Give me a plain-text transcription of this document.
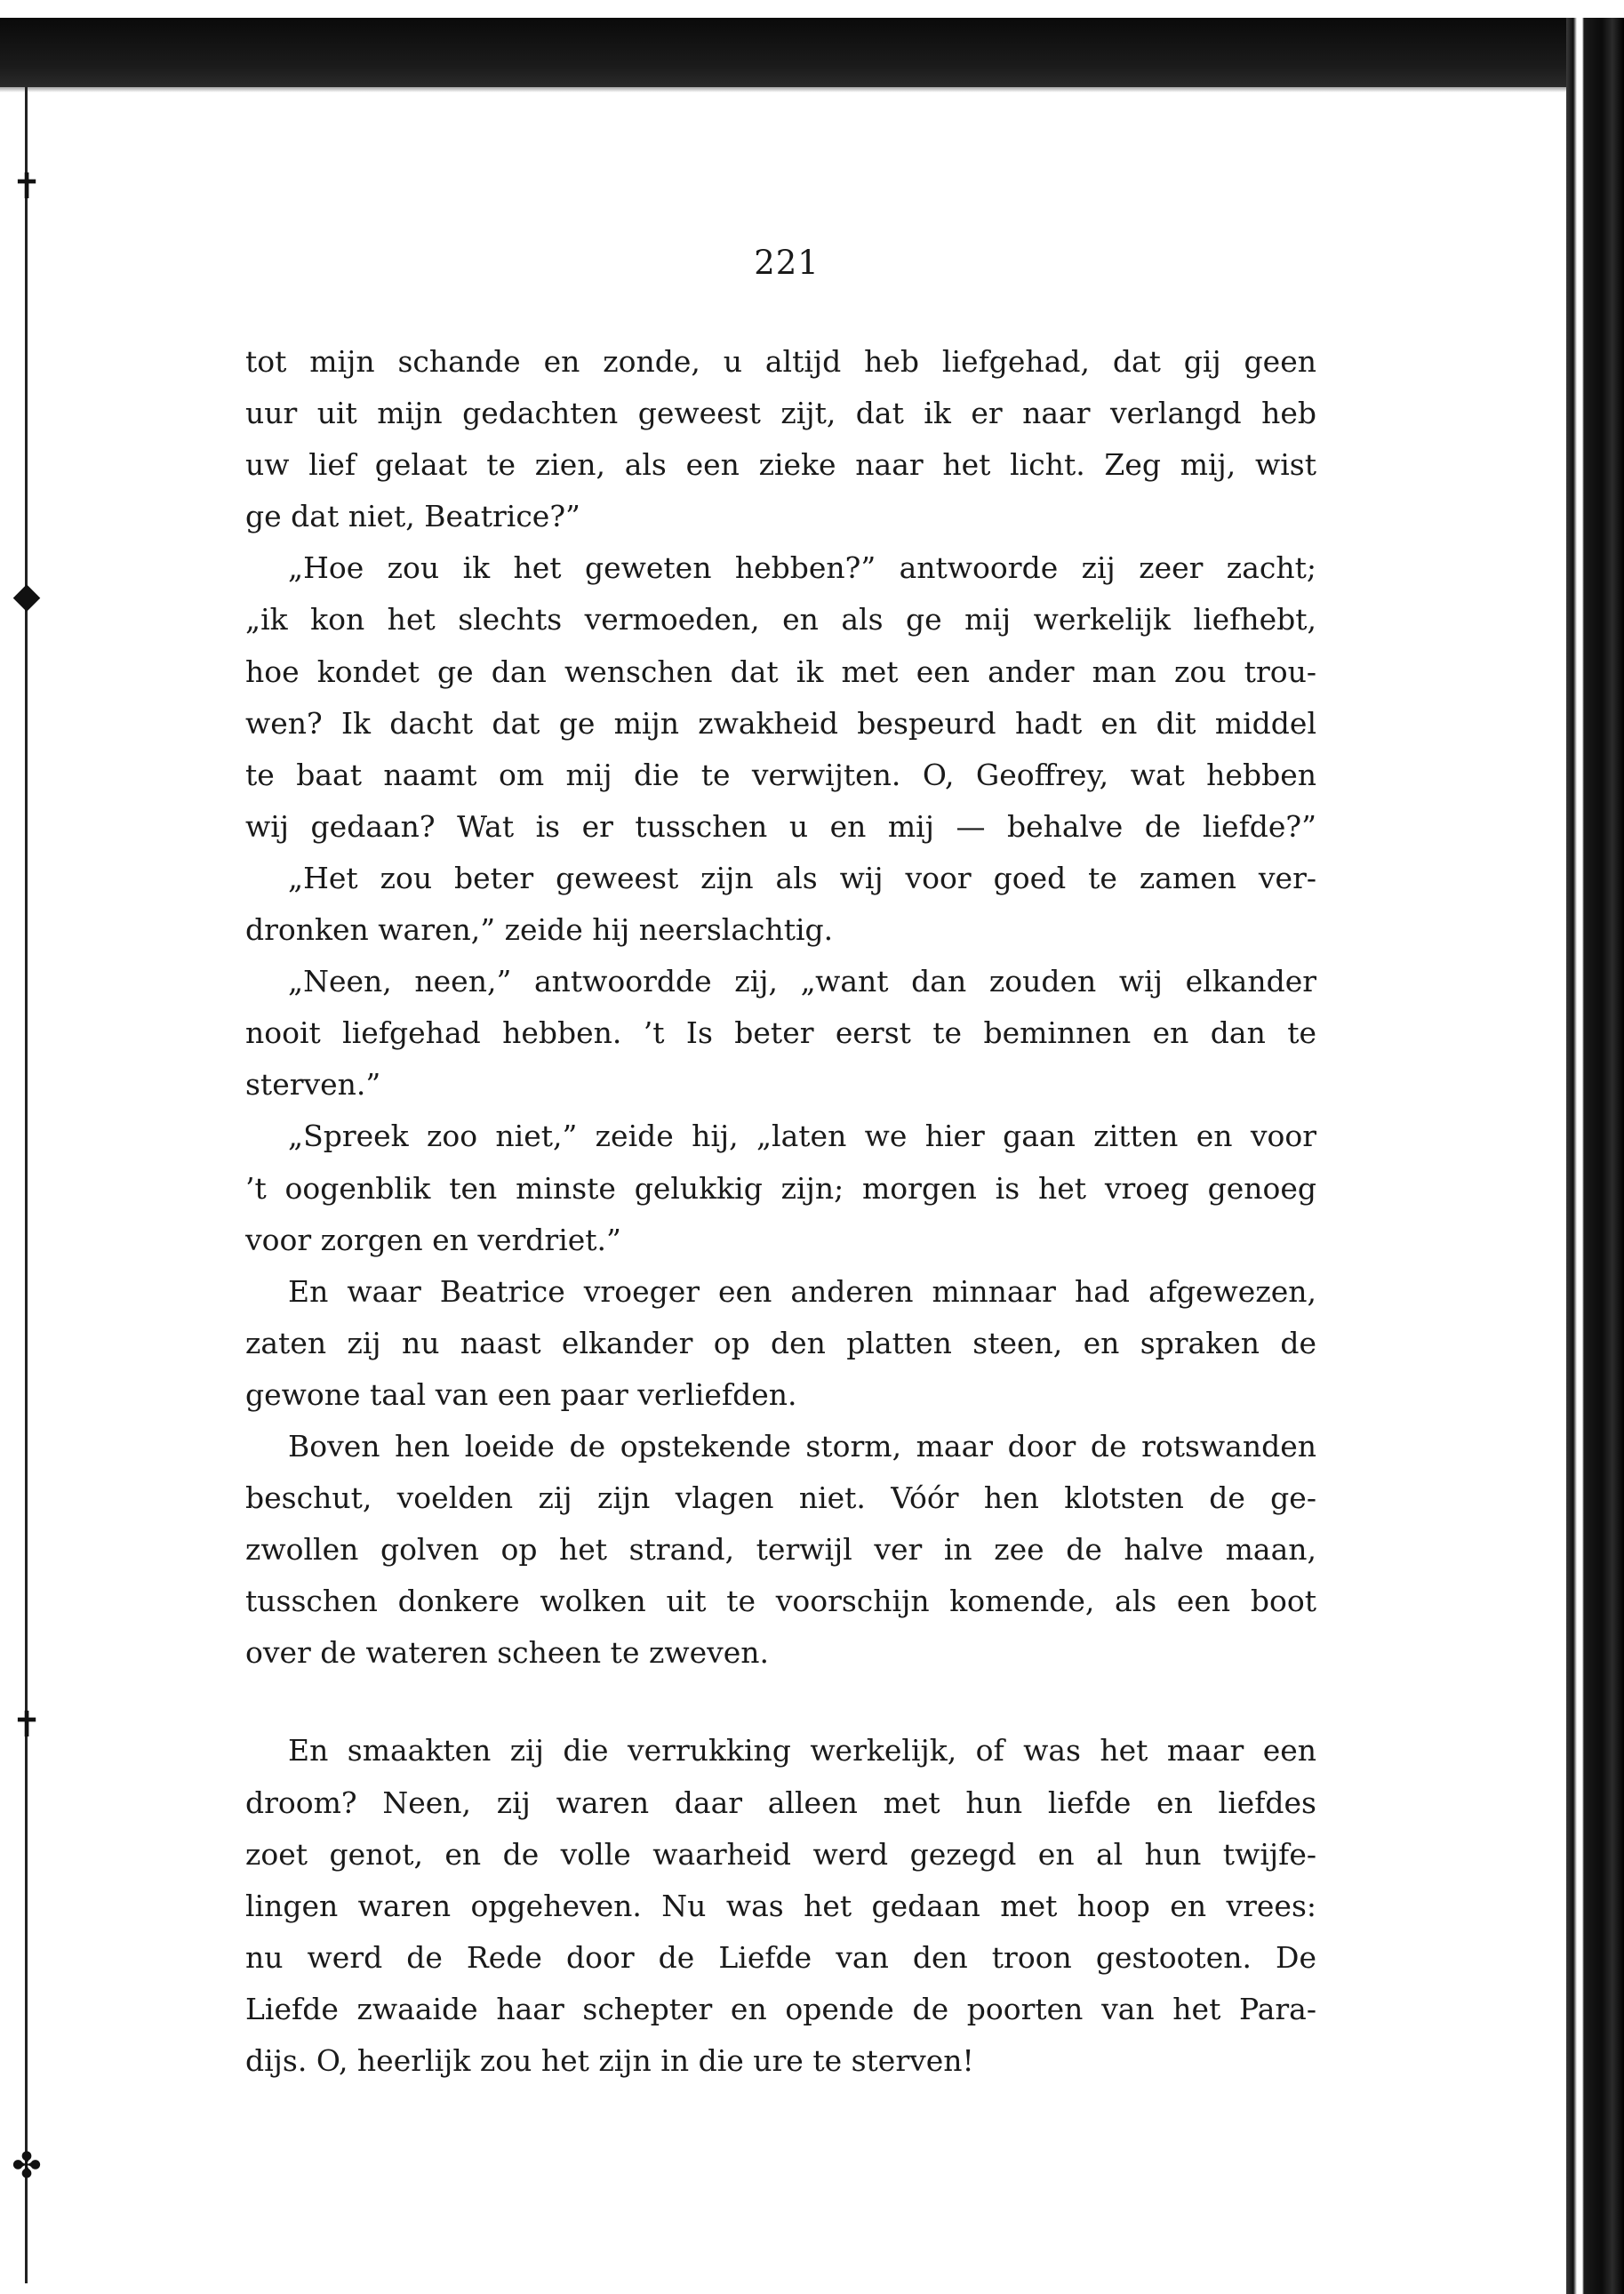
✝
◆
✝
✤
221
tot mijn schande en zonde, u altijd heb liefgehad, dat gij geen
uur uit mijn gedachten geweest zijt, dat ik er naar verlangd heb
uw lief gelaat te zien, als een zieke naar het licht. Zeg mij, wist
ge dat niet, Beatrice?”
„Hoe zou ik het geweten hebben?” antwoorde zij zeer zacht;
„ik kon het slechts vermoeden, en als ge mij werkelijk liefhebt,
hoe kondet ge dan wenschen dat ik met een ander man zou trou-
wen? Ik dacht dat ge mijn zwakheid bespeurd hadt en dit middel
te baat naamt om mij die te verwijten. O, Geoffrey, wat hebben
wij gedaan? Wat is er tusschen u en mij — behalve de liefde?”
„Het zou beter geweest zijn als wij voor goed te zamen ver-
dronken waren,” zeide hij neerslachtig.
„Neen, neen,” antwoordde zij, „want dan zouden wij elkander
nooit liefgehad hebben. ’t Is beter eerst te beminnen en dan te
sterven.”
„Spreek zoo niet,” zeide hij, „laten we hier gaan zitten en voor
’t oogenblik ten minste gelukkig zijn; morgen is het vroeg genoeg
voor zorgen en verdriet.”
En waar Beatrice vroeger een anderen minnaar had afgewezen,
zaten zij nu naast elkander op den platten steen, en spraken de
gewone taal van een paar verliefden.
Boven hen loeide de opstekende storm, maar door de rotswanden
beschut, voelden zij zijn vlagen niet. Vóór hen klotsten de ge-
zwollen golven op het strand, terwijl ver in zee de halve maan,
tusschen donkere wolken uit te voorschijn komende, als een boot
over de wateren scheen te zweven.
En smaakten zij die verrukking werkelijk, of was het maar een
droom? Neen, zij waren daar alleen met hun liefde en liefdes
zoet genot, en de volle waarheid werd gezegd en al hun twijfe-
lingen waren opgeheven. Nu was het gedaan met hoop en vrees:
nu werd de Rede door de Liefde van den troon gestooten. De
Liefde zwaaide haar schepter en opende de poorten van het Para-
dijs. O, heerlijk zou het zijn in die ure te sterven!
